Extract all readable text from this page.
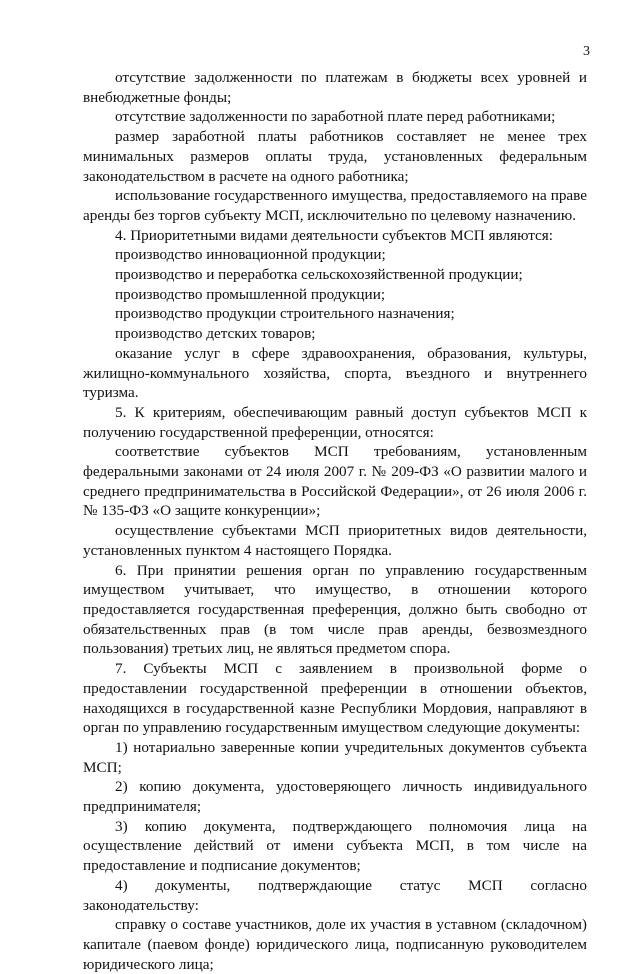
3

отсутствие задолженности по платежам в бюджеты всех уровней и внебюджетные фонды;

отсутствие задолженности по заработной плате перед работниками;

размер заработной платы работников составляет не менее трех минимальных размеров оплаты труда, установленных федеральным законодательством в расчете на одного работника;

использование государственного имущества, предоставляемого на праве аренды без торгов субъекту МСП, исключительно по целевому назначению.

4. Приоритетными видами деятельности субъектов МСП являются:

производство инновационной продукции;

производство и переработка сельскохозяйственной продукции;

производство промышленной продукции;

производство продукции строительного назначения;

производство детских товаров;

оказание услуг в сфере здравоохранения, образования, культуры, жилищно-коммунального хозяйства, спорта, въездного и внутреннего туризма.

5. К критериям, обеспечивающим равный доступ субъектов МСП к получению государственной преференции, относятся:

соответствие субъектов МСП требованиям, установленным федеральными законами от 24 июля 2007 г. № 209-ФЗ «О развитии малого и среднего предпринимательства в Российской Федерации», от 26 июля 2006 г. № 135-ФЗ «О защите конкуренции»;

осуществление субъектами МСП приоритетных видов деятельности, установленных пунктом 4 настоящего Порядка.

6. При принятии решения орган по управлению государственным имуществом учитывает, что имущество, в отношении которого предоставляется государственная преференция, должно быть свободно от обязательственных прав (в том числе прав аренды, безвозмездного пользования) третьих лиц, не являться предметом спора.

7. Субъекты МСП с заявлением в произвольной форме о предоставлении государственной преференции в отношении объектов, находящихся в государственной казне Республики Мордовия, направляют в орган по управлению государственным имуществом следующие документы:

1) нотариально заверенные копии учредительных документов субъекта МСП;

2) копию документа, удостоверяющего личность индивидуального предпринимателя;

3) копию документа, подтверждающего полномочия лица на осуществление действий от имени субъекта МСП, в том числе на предоставление и подписание документов;

4) документы, подтверждающие статус МСП согласно законодательству:

справку о составе участников, доле их участия в уставном (складочном) капитале (паевом фонде) юридического лица, подписанную руководителем юридического лица;
